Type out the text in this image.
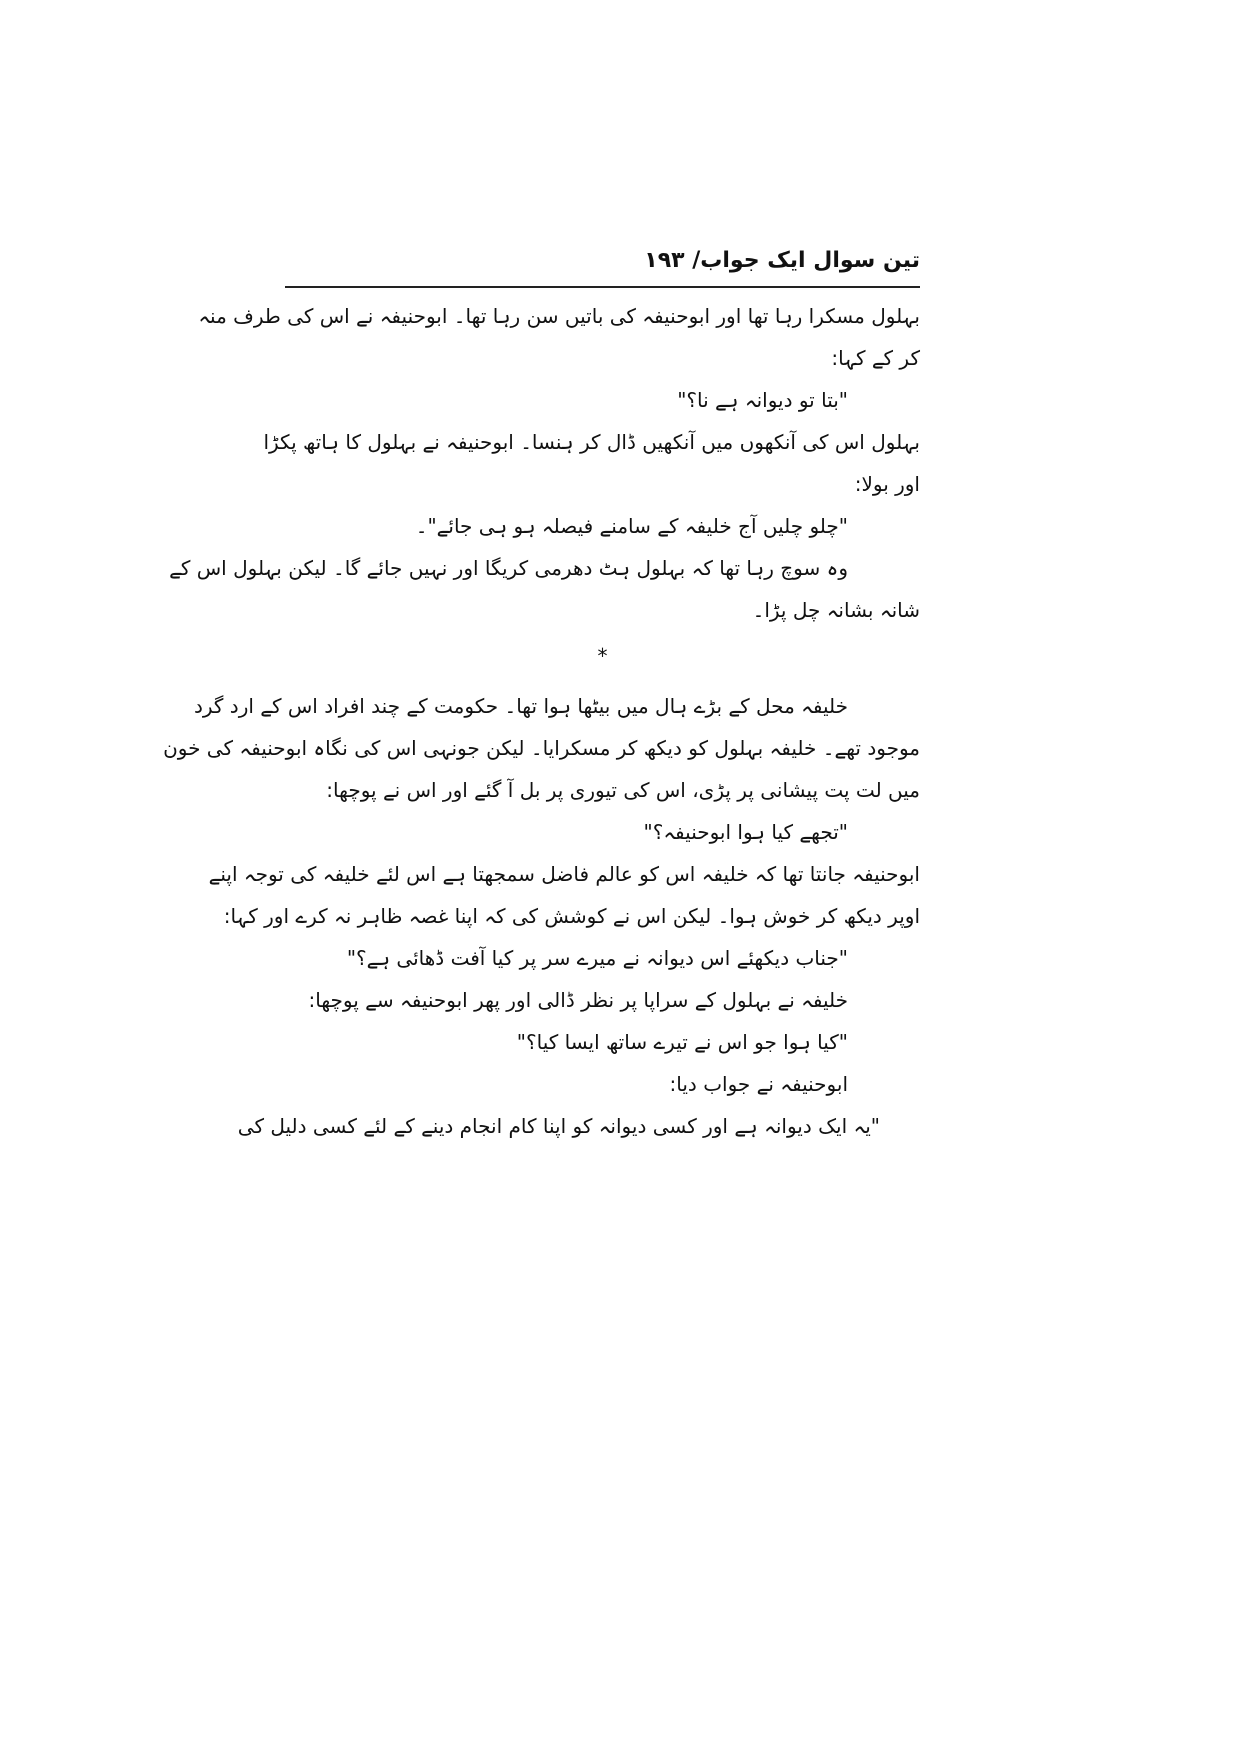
تین سوال ایک جواب/ ۱۹۳
بہلول مسکرا رہا تھا اور ابوحنیفہ کی باتیں سن رہا تھا۔ ابوحنیفہ نے اس کی طرف منہ
کر کے کہا:
"بتا تو دیوانہ ہے نا؟"
بہلول اس کی آنکھوں میں آنکھیں ڈال کر ہنسا۔ ابوحنیفہ نے بہلول کا ہاتھ پکڑا
اور بولا:
"چلو چلیں آج خلیفہ کے سامنے فیصلہ ہو ہی جائے"۔
وہ سوچ رہا تھا کہ بہلول ہٹ دھرمی کریگا اور نہیں جائے گا۔ لیکن بہلول اس کے
شانہ بشانہ چل پڑا۔
*
خلیفہ محل کے بڑے ہال میں بیٹھا ہوا تھا۔ حکومت کے چند افراد اس کے ارد گرد
موجود تھے۔ خلیفہ بہلول کو دیکھ کر مسکرایا۔ لیکن جونہی اس کی نگاہ ابوحنیفہ کی خون
میں لت پت پیشانی پر پڑی، اس کی تیوری پر بل آ گئے اور اس نے پوچھا:
"تجھے کیا ہوا ابوحنیفہ؟"
ابوحنیفہ جانتا تھا کہ خلیفہ اس کو عالم فاضل سمجھتا ہے اس لئے خلیفہ کی توجہ اپنے
اوپر دیکھ کر خوش ہوا۔ لیکن اس نے کوشش کی کہ اپنا غصہ ظاہر نہ کرے اور کہا:
"جناب دیکھئے اس دیوانہ نے میرے سر پر کیا آفت ڈھائی ہے؟"
خلیفہ نے بہلول کے سراپا پر نظر ڈالی اور پھر ابوحنیفہ سے پوچھا:
"کیا ہوا جو اس نے تیرے ساتھ ایسا کیا؟"
ابوحنیفہ نے جواب دیا:
"یہ ایک دیوانہ ہے اور کسی دیوانہ کو اپنا کام انجام دینے کے لئے کسی دلیل کی
